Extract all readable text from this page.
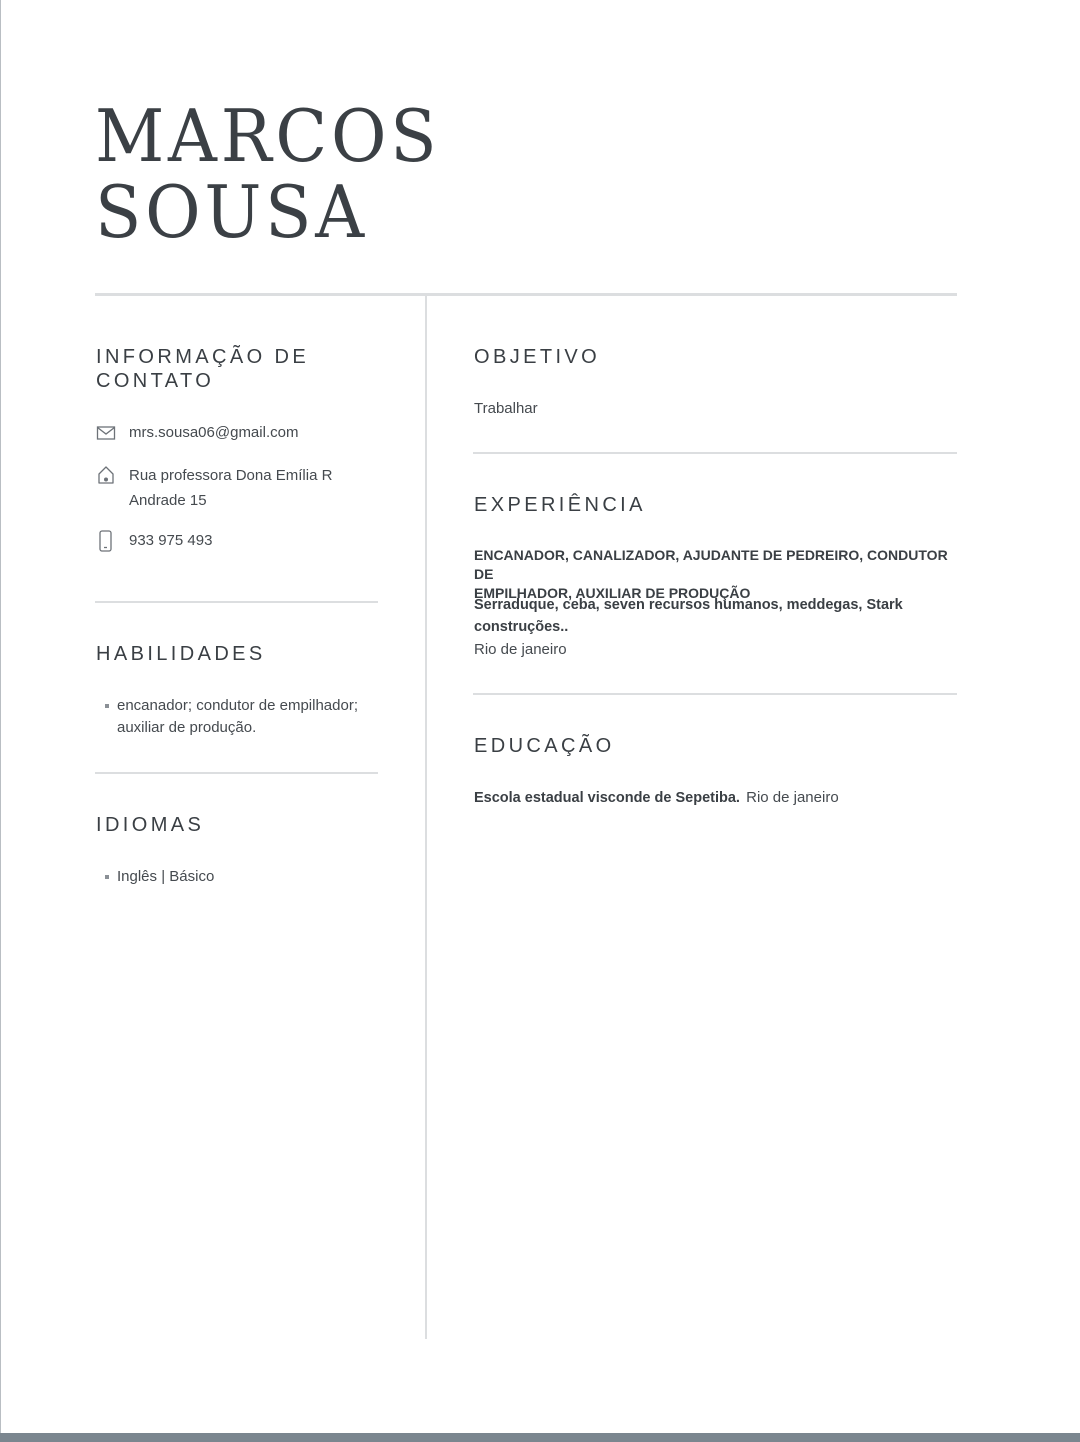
MARCOS
SOUSA
INFORMAÇÃO DE
CONTATO
mrs.sousa06@gmail.com
Rua professora Dona Emília R
Andrade 15
933 975 493
HABILIDADES
encanador; condutor de empilhador;
auxiliar de produção.
IDIOMAS
Inglês | Básico
OBJETIVO
Trabalhar
EXPERIÊNCIA
ENCANADOR, CANALIZADOR, AJUDANTE DE PEDREIRO, CONDUTOR DE
EMPILHADOR, AUXILIAR DE PRODUÇÃO
Serraduque, ceba, seven recursos humanos, meddegas, Stark
construções..
Rio de janeiro
EDUCAÇÃO
Escola estadual visconde de Sepetiba. Rio de janeiro
